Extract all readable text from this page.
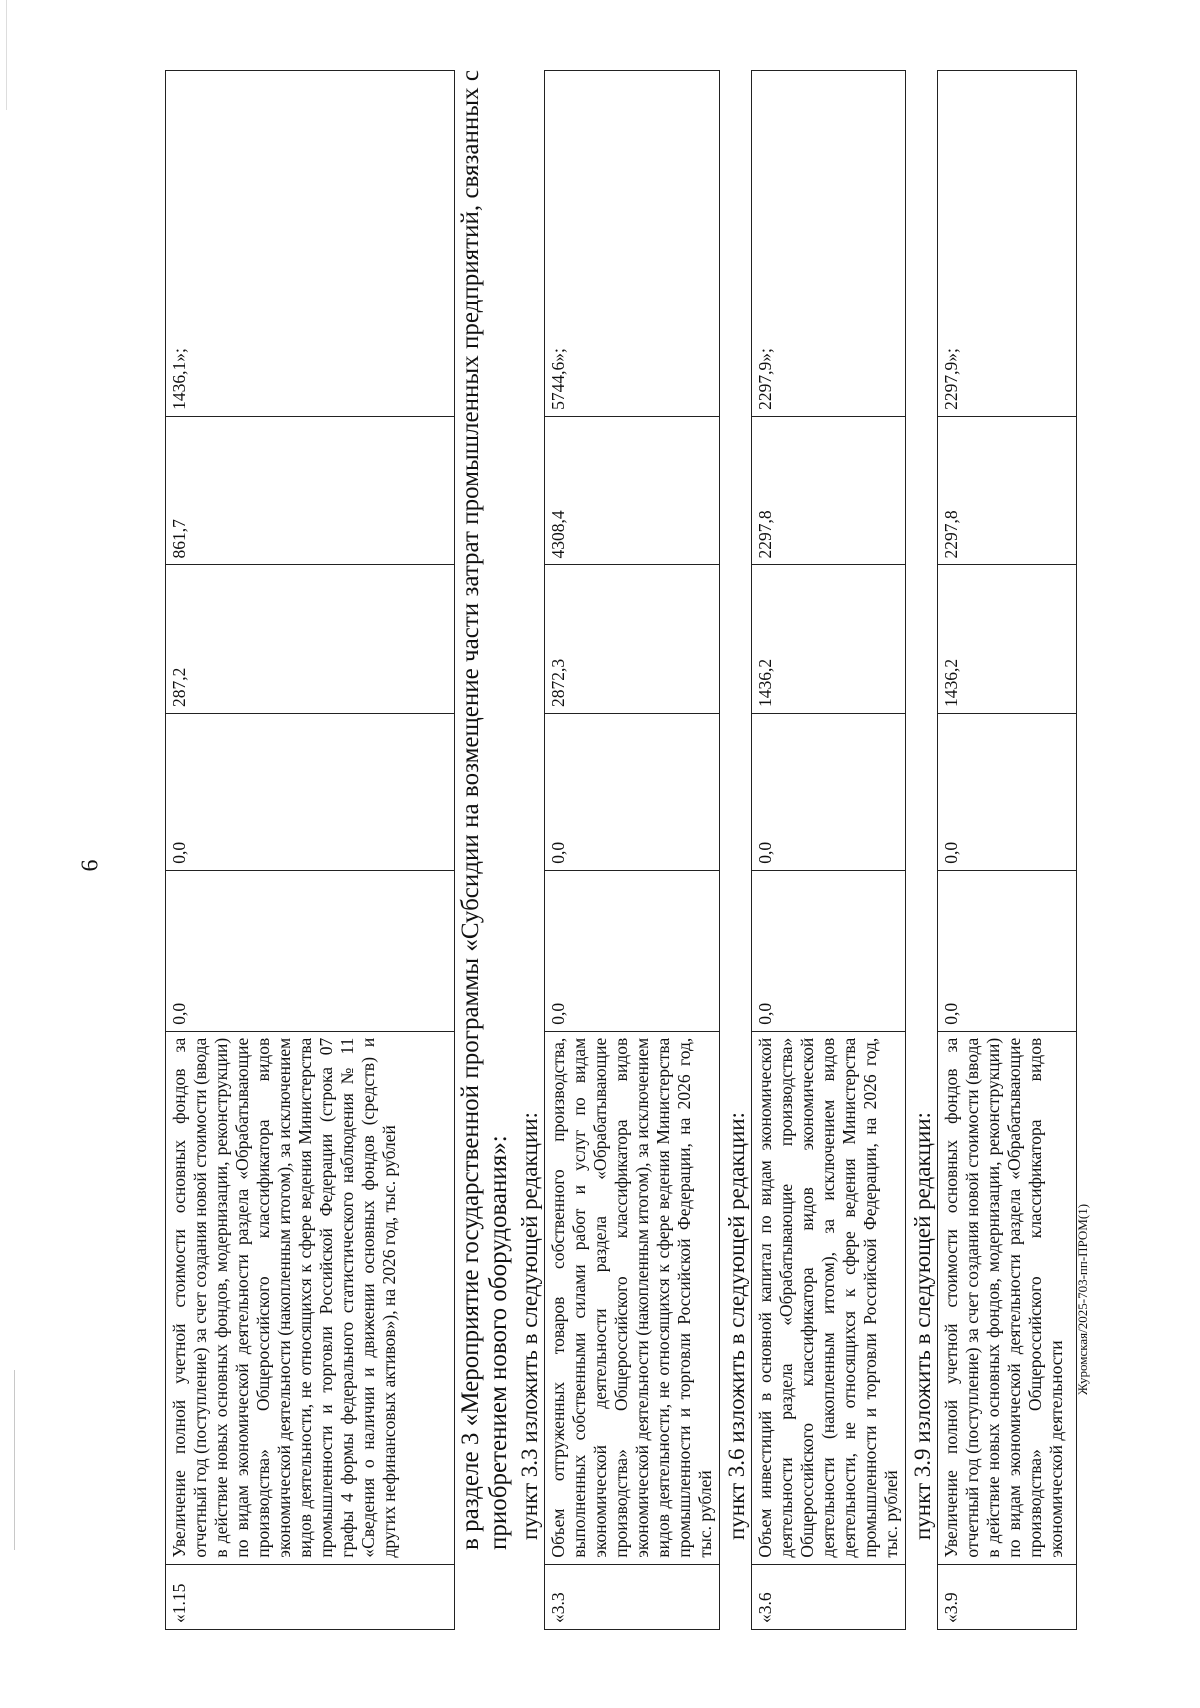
6
«1.15	Увеличение полной учетной стоимости основных фондов за отчетный год (поступление) за счет создания новой стоимости (ввода в действие новых основных фондов, модернизации, реконструкции) по видам экономической деятельности раздела «Обрабатывающие производства» Общероссийского классификатора видов экономической деятельности (накопленным итогом), за исключением видов деятельности, не относящихся к сфере ведения Министерства промышленности и торговли Российской Федерации (строка 07 графы 4 формы федерального статистического наблюдения № 11 «Сведения о наличии и движении основных фондов (средств) и других нефинансовых активов»), на 2026 год, тыс. рублей	0,0	0,0	287,2	861,7	1436,1»;	в разделе 3 «Мероприятие государственной программы «Субсидии на возмещение части затрат промышленных предприятий, связанных с приобретением нового оборудования»: пункт 3.3 изложить в следующей редакции:
«3.3	Объем отгруженных товаров собственного производства, выполненных собственными силами работ и услуг по видам экономической деятельности раздела «Обрабатывающие производства» Общероссийского классификатора видов экономической деятельности (накопленным итогом), за исключением видов деятельности, не относящихся к сфере ведения Министерства промышленности и торговли Российской Федерации, на 2026 год, тыс. рублей	0,0	0,0	2872,3	4308,4	5744,6»;
пункт 3.6 изложить в следующей редакции:
«3.6	Объем инвестиций в основной капитал по видам экономической деятельности раздела «Обрабатывающие производства» Общероссийского классификатора видов экономической деятельности (накопленным итогом), за исключением видов деятельности, не относящихся к сфере ведения Министерства промышленности и торговли Российской Федерации, на 2026 год, тыс. рублей	0,0	0,0	1436,2	2297,8	2297,9»;
пункт 3.9 изложить в следующей редакции:
«3.9	Увеличение полной учетной стоимости основных фондов за отчетный год (поступление) за счет создания новой стоимости (ввода в действие новых основных фондов, модернизации, реконструкции) по видам экономической деятельности раздела «Обрабатывающие производства» Общероссийского классификатора видов экономической деятельности	0,0	0,0	1436,2	2297,8	2297,9»;
Журомская/2025-703-пп-ПРОМ(1)
